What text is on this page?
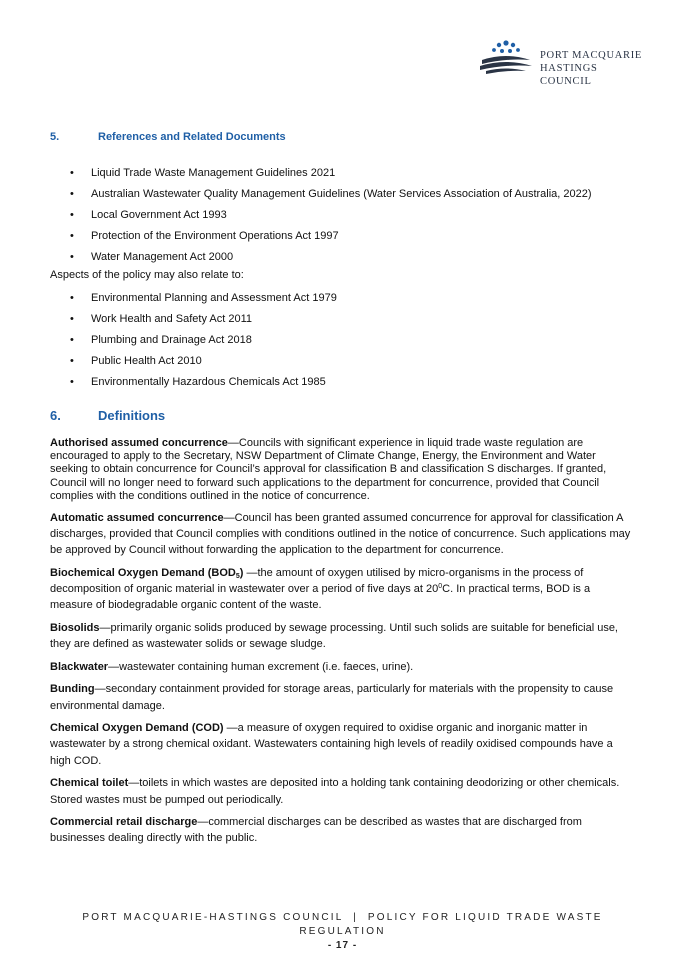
PORT MACQUARIE
HASTINGS COUNCIL
5.	References and Related Documents
• Liquid Trade Waste Management Guidelines 2021
• Australian Wastewater Quality Management Guidelines (Water Services Association of Australia, 2022)
• Local Government Act 1993
• Protection of the Environment Operations Act 1997
• Water Management Act 2000
Aspects of the policy may also relate to:
• Environmental Planning and Assessment Act 1979
• Work Health and Safety Act 2011
• Plumbing and Drainage Act 2018
• Public Health Act 2010
• Environmentally Hazardous Chemicals Act 1985
6.	Definitions

Authorised assumed concurrence—Councils with significant experience in liquid trade waste regulation are encouraged to apply to the Secretary, NSW Department of Climate Change, Energy, the Environment and Water seeking to obtain concurrence for Council’s approval for classification B and classification S discharges. If granted, Council will no longer need to forward such applications to the department for concurrence, provided that Council complies with the conditions outlined in the notice of concurrence.

Automatic assumed concurrence—Council has been granted assumed concurrence for approval for classification A discharges, provided that Council complies with conditions outlined in the notice of concurrence. Such applications may be approved by Council without forwarding the application to the department for concurrence.

Biochemical Oxygen Demand $(BOD_5)$ —the amount of oxygen utilised by micro-organisms in the process of decomposition of organic material in wastewater over a period of five days at $20^0C$. In practical terms, BOD is a measure of biodegradable organic content of the waste.

Biosolids—primarily organic solids produced by sewage processing. Until such solids are suitable for beneficial use, they are defined as wastewater solids or sewage sludge.

Blackwater—wastewater containing human excrement (i.e. faeces, urine).

Bunding—secondary containment provided for storage areas, particularly for materials with the propensity to cause environmental damage.

Chemical Oxygen Demand (COD) —a measure of oxygen required to oxidise organic and inorganic matter in wastewater by a strong chemical oxidant. Wastewaters containing high levels of readily oxidised compounds have a high COD.

Chemical toilet—toilets in which wastes are deposited into a holding tank containing deodorizing or other chemicals. Stored wastes must be pumped out periodically.

Commercial retail discharge—commercial discharges can be described as wastes that are discharged from businesses dealing directly with the public.

PORT MACQUARIE-HASTINGS COUNCIL  |  POLICY FOR LIQUID TRADE WASTE
REGULATION
- 17 -
